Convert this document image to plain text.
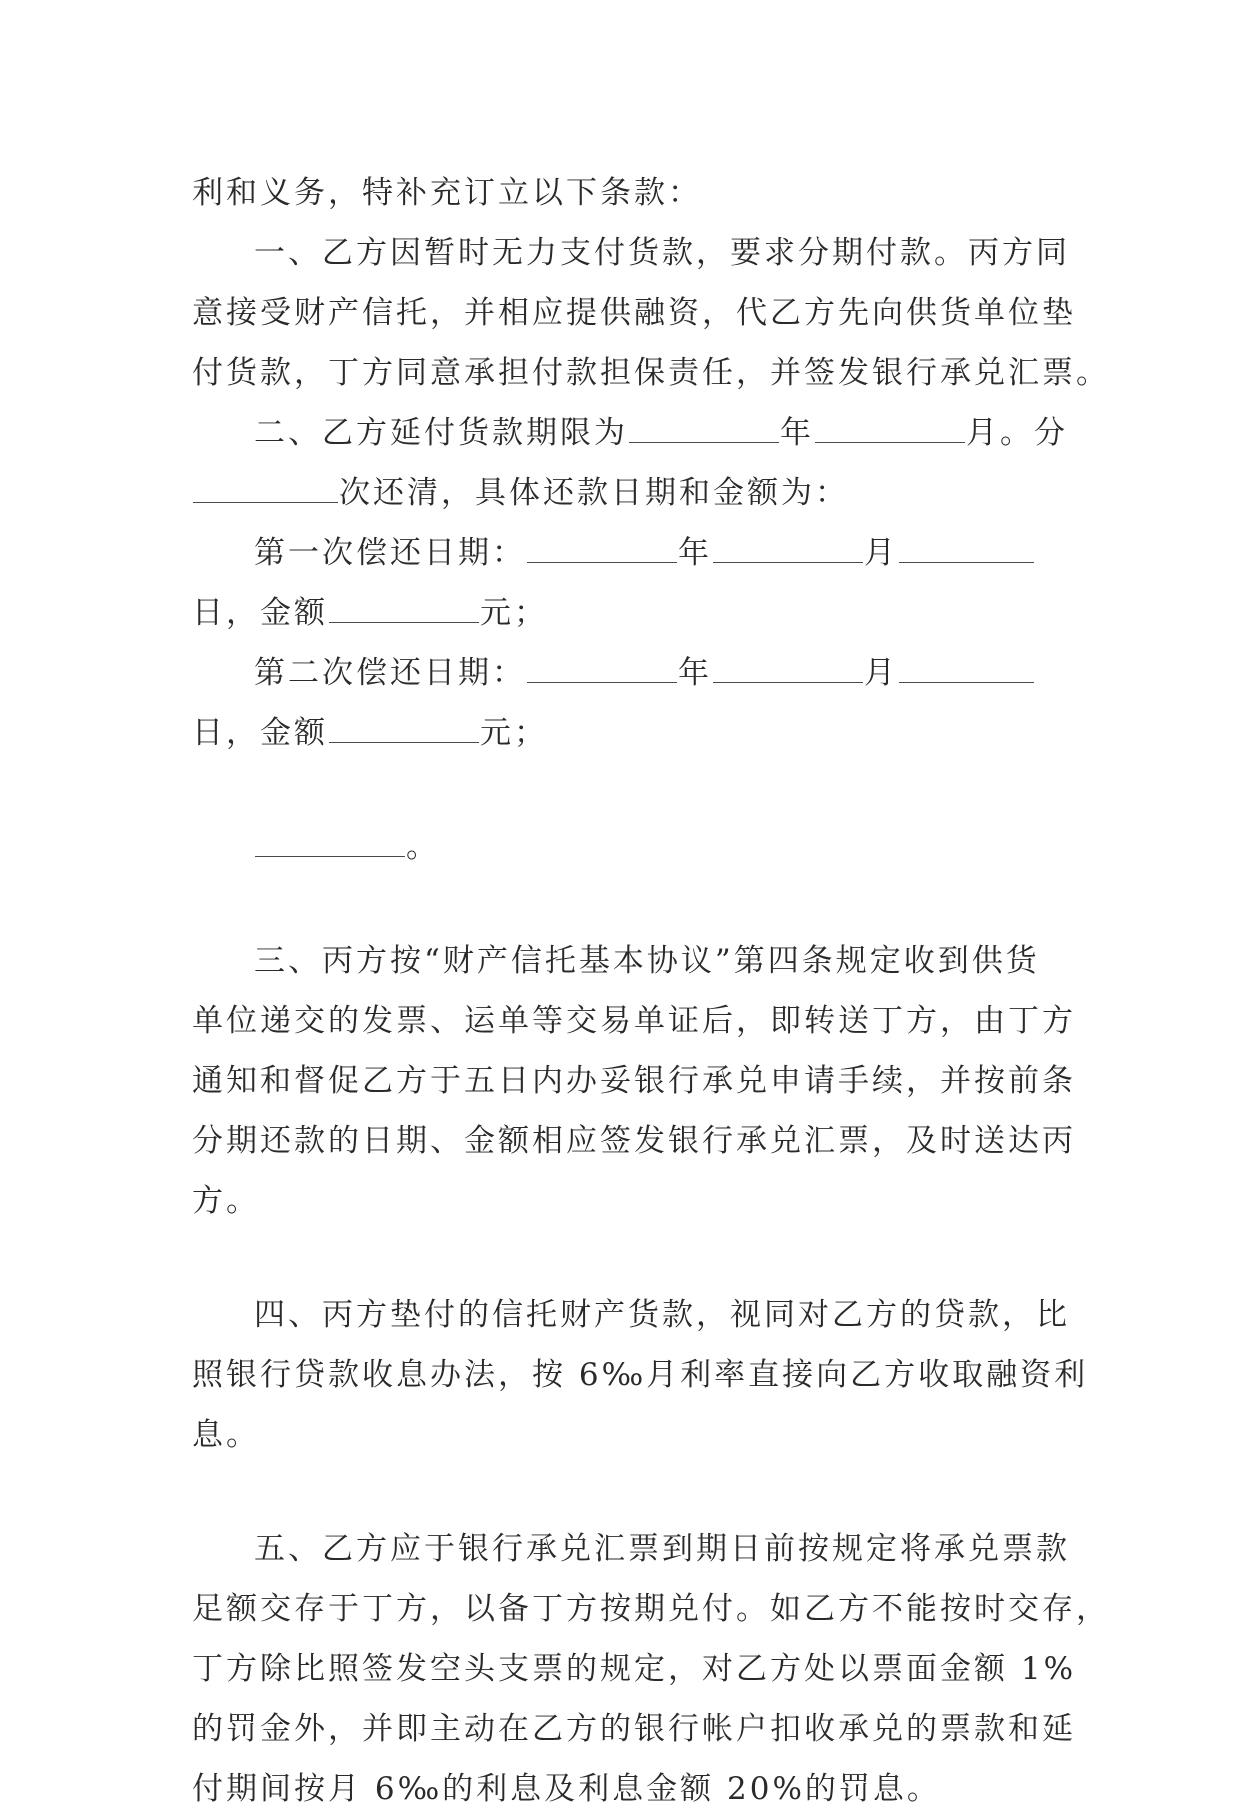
利和义务，特补充订立以下条款：
一、乙方因暂时无力支付货款，要求分期付款。丙方同
意接受财产信托，并相应提供融资，代乙方先向供货单位垫
付货款，丁方同意承担付款担保责任，并签发银行承兑汇票。
二、乙方延付货款期限为	年	月。分
次还清，具体还款日期和金额为：
第一次偿还日期：	年	月
日，金额	元；
第二次偿还日期：	年	月
日，金额	元；
。
三、丙方按“财产信托基本协议”第四条规定收到供货
单位递交的发票、运单等交易单证后，即转送丁方，由丁方
通知和督促乙方于五日内办妥银行承兑申请手续，并按前条
分期还款的日期、金额相应签发银行承兑汇票，及时送达丙
方。
四、丙方垫付的信托财产货款，视同对乙方的贷款，比
照银行贷款收息办法，按 6‰月利率直接向乙方收取融资利
息。
五、乙方应于银行承兑汇票到期日前按规定将承兑票款
足额交存于丁方，以备丁方按期兑付。如乙方不能按时交存，
丁方除比照签发空头支票的规定，对乙方处以票面金额 1%
的罚金外，并即主动在乙方的银行帐户扣收承兑的票款和延
付期间按月 6‰的利息及利息金额 20%的罚息。
